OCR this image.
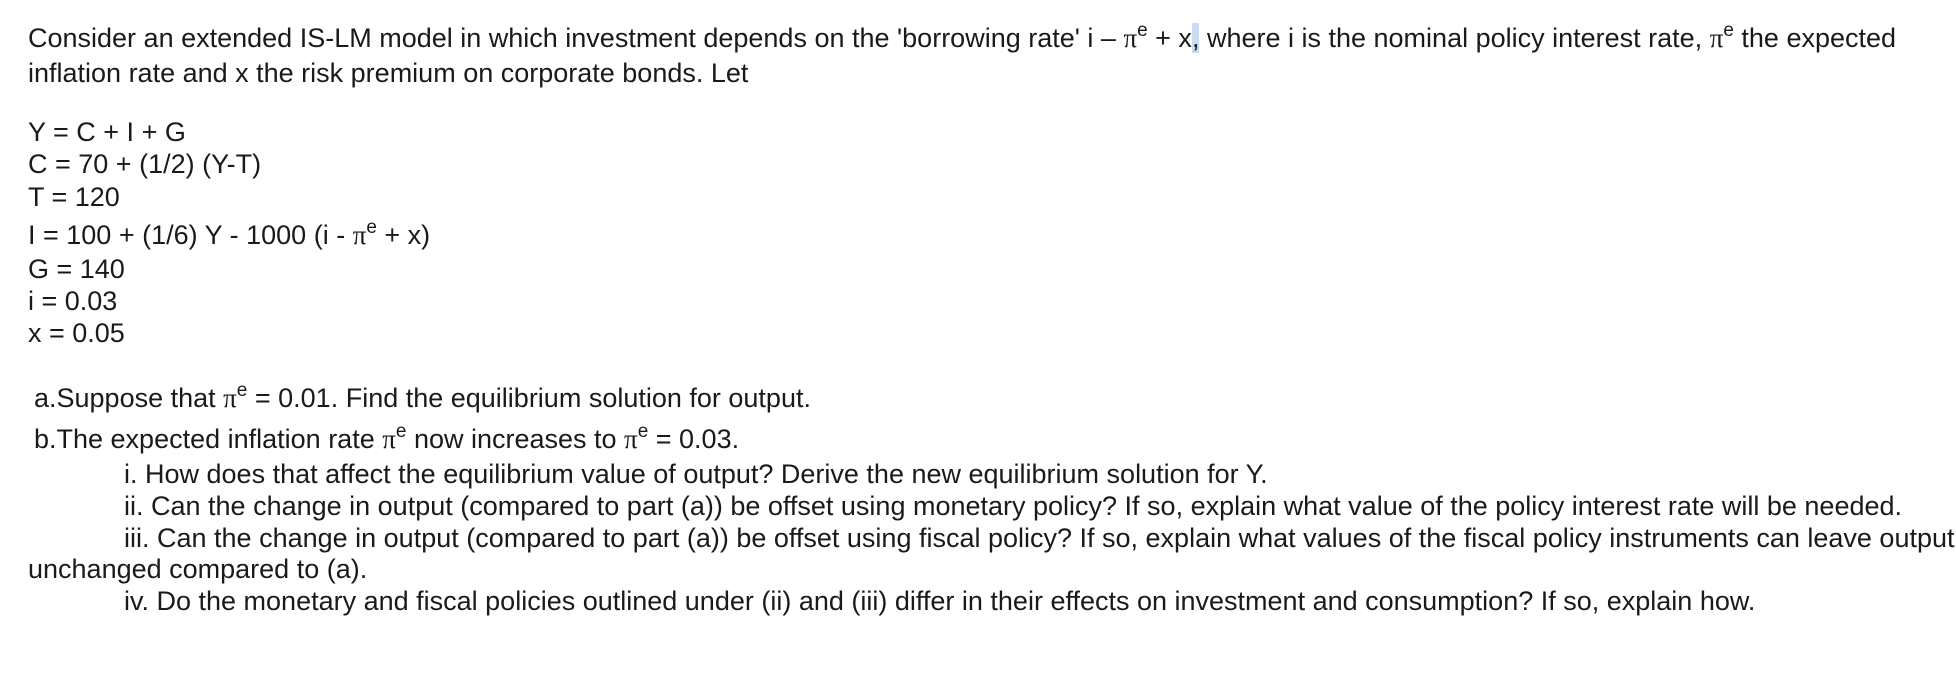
Consider an extended IS-LM model in which investment depends on the 'borrowing rate' $i - \pi^e + x$, where i is the nominal policy interest rate, $\pi^e$ the expected
inflation rate and x the risk premium on corporate bonds. Let
Y = C + I + G
C = 70 + (1/2) (Y-T)
T = 120
I = 100 + (1/6) Y - 1000 $(i - \pi^e + x)$
G = 140
i = 0.03
x = 0.05
a.Suppose that $\pi^e = 0.01$. Find the equilibrium solution for output.
b.The expected inflation rate $\pi^e$ now increases to $\pi^e = 0.03$.
i. How does that affect the equilibrium value of output? Derive the new equilibrium solution for Y.
ii. Can the change in output (compared to part (a)) be offset using monetary policy? If so, explain what value of the policy interest rate will be needed.
iii. Can the change in output (compared to part (a)) be offset using fiscal policy? If so, explain what values of the fiscal policy instruments can leave output
unchanged compared to (a).
iv. Do the monetary and fiscal policies outlined under (ii) and (iii) differ in their effects on investment and consumption? If so, explain how.
